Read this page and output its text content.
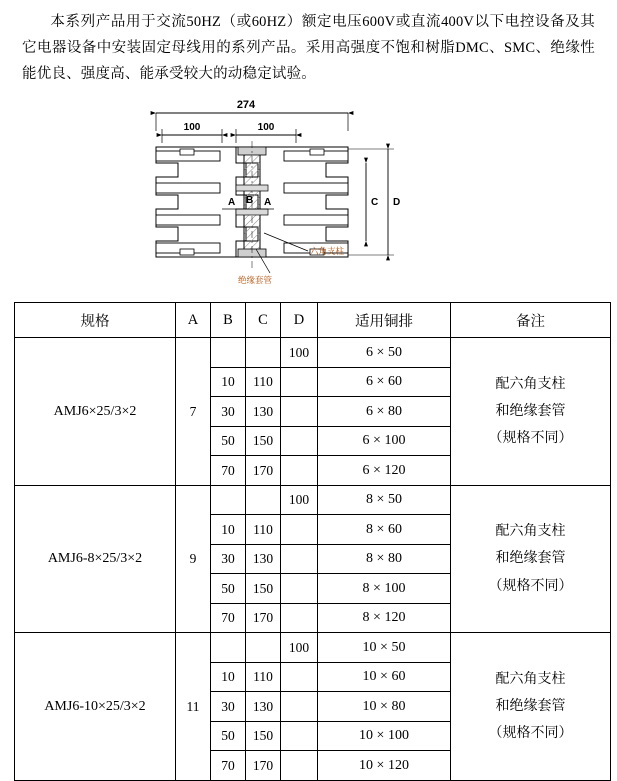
本系列产品用于交流50HZ（或60HZ）额定电压600V或直流400V以下电控设备及其它电器设备中安装固定母线用的系列产品。采用高强度不饱和树脂DMC、SMC、绝缘性能优良、强度高、能承受较大的动稳定试验。
274
100	100
A B A	C D
六角支柱
绝缘套管
规格	A	B	C	D	适用铜排	备注
AMJ6×25/3×2	7			100	6 × 50	配六角支柱
和绝缘套管
（规格不同）

		10	110		6 × 60	
		30	130		6 × 80	
		50	150		6 × 100	
		70	170		6 × 120	
AMJ6-8×25/3×2	9			100	8 × 50	配六角支柱
和绝缘套管
（规格不同）

		10	110		8 × 60	
		30	130		8 × 80	
		50	150		8 × 100	
		70	170		8 × 120	
AMJ6-10×25/3×2	11			100	10 × 50	配六角支柱
和绝缘套管
（规格不同）

		10	110		10 × 60	
		30	130		10 × 80	
		50	150		10 × 100	
		70	170		10 × 120	
